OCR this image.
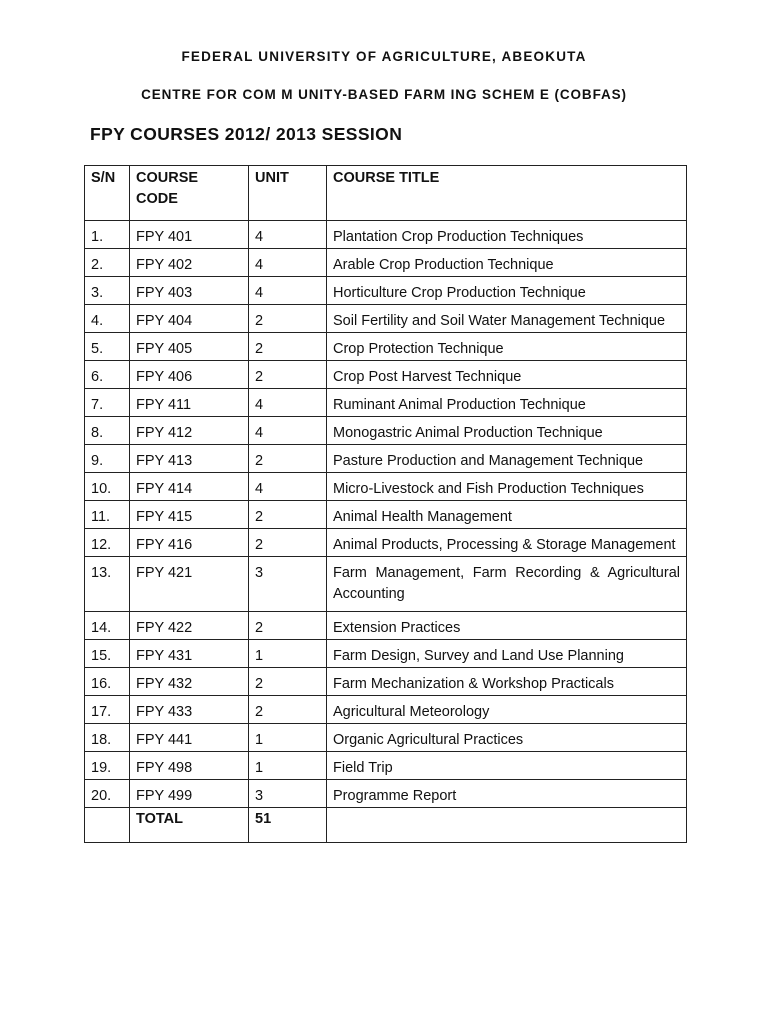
FEDERAL UNIVERSITY OF AGRICULTURE, ABEOKUTA
CENTRE FOR COM M UNITY-BASED FARM ING SCHEM E (COBFAS)
FPY COURSES 2012/ 2013 SESSION
S/N	COURSE CODE	UNIT	COURSE TITLE
1.	FPY 401	4	Plantation Crop Production Techniques
2.	FPY 402	4	Arable Crop Production Technique
3.	FPY 403	4	Horticulture Crop Production Technique
4.	FPY 404	2	Soil Fertility and Soil Water Management Technique
5.	FPY 405	2	Crop Protection Technique
6.	FPY 406	2	Crop Post Harvest Technique
7.	FPY 411	4	Ruminant Animal Production Technique
8.	FPY 412	4	Monogastric Animal Production Technique
9.	FPY 413	2	Pasture Production and Management Technique
10.	FPY 414	4	Micro-Livestock and Fish Production Techniques
11.	FPY 415	2	Animal Health Management
12.	FPY 416	2	Animal Products, Processing & Storage Management
13.	FPY 421	3	Farm Management, Farm Recording & Agricultural Accounting
14.	FPY 422	2	Extension Practices
15.	FPY 431	1	Farm Design, Survey and Land Use Planning
16.	FPY 432	2	Farm Mechanization & Workshop Practicals
17.	FPY 433	2	Agricultural Meteorology
18.	FPY 441	1	Organic Agricultural Practices
19.	FPY 498	1	Field Trip
20.	FPY 499	3	Programme Report
	TOTAL	51	
